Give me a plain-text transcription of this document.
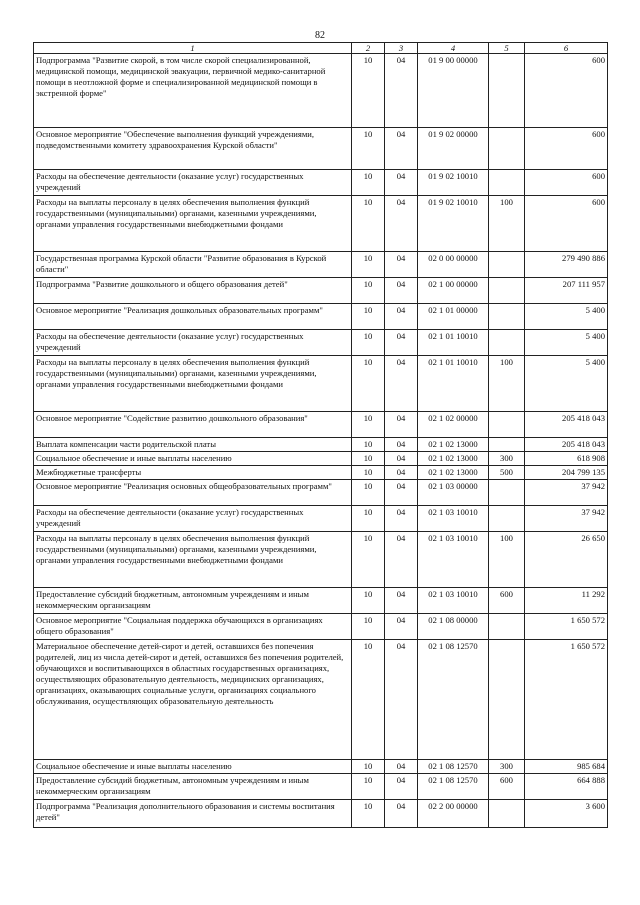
82
1	2	3	4	5	6
Подпрограмма "Развитие скорой, в том числе скорой специализированной, медицинской помощи, медицинской эвакуации, первичной медико-санитарной помощи в неотложной форме и специализированной медицинской помощи в экстренной форме"	10	04	01 9 00 00000		600
Основное мероприятие "Обеспечение выполнения функций учреждениями, подведомственными комитету здравоохранения Курской области"	10	04	01 9 02 00000		600
Расходы на обеспечение деятельности (оказание услуг) государственных учреждений	10	04	01 9 02 10010		600
Расходы на выплаты персоналу в целях обеспечения выполнения функций государственными (муниципальными) органами, казенными учреждениями, органами управления государственными внебюджетными фондами	10	04	01 9 02 10010	100	600
Государственная программа Курской области "Развитие образования в Курской области"	10	04	02 0 00 00000		279 490 886
Подпрограмма "Развитие дошкольного и общего образования детей"	10	04	02 1 00 00000		207 111 957
Основное мероприятие "Реализация дошкольных образовательных программ"	10	04	02 1 01 00000		5 400
Расходы на обеспечение деятельности (оказание услуг) государственных учреждений	10	04	02 1 01 10010		5 400
Расходы на выплаты персоналу в целях обеспечения выполнения функций государственными (муниципальными) органами, казенными учреждениями, органами управления государственными внебюджетными фондами	10	04	02 1 01 10010	100	5 400
Основное мероприятие "Содействие развитию дошкольного образования"	10	04	02 1 02 00000		205 418 043
Выплата компенсации части родительской платы	10	04	02 1 02 13000		205 418 043
Социальное обеспечение и иные выплаты населению	10	04	02 1 02 13000	300	618 908
Межбюджетные трансферты	10	04	02 1 02 13000	500	204 799 135
Основное мероприятие "Реализация основных общеобразовательных программ"	10	04	02 1 03 00000		37 942
Расходы на обеспечение деятельности (оказание услуг) государственных учреждений	10	04	02 1 03 10010		37 942
Расходы на выплаты персоналу в целях обеспечения выполнения функций государственными (муниципальными) органами, казенными учреждениями, органами управления государственными внебюджетными фондами	10	04	02 1 03 10010	100	26 650
Предоставление субсидий бюджетным, автономным учреждениям и иным некоммерческим организациям	10	04	02 1 03 10010	600	11 292
Основное мероприятие "Социальная поддержка обучающихся в организациях общего образования"	10	04	02 1 08 00000		1 650 572
Материальное обеспечение детей-сирот и детей, оставшихся без попечения родителей, лиц из числа детей-сирот и детей, оставшихся без попечения родителей, обучающихся и воспитывающихся в областных государственных организациях, осуществляющих образовательную деятельность, медицинских организациях, организациях, оказывающих социальные услуги, организациях социального обслуживания, осуществляющих образовательную деятельность	10	04	02 1 08 12570		1 650 572
Социальное обеспечение и иные выплаты населению	10	04	02 1 08 12570	300	985 684
Предоставление субсидий бюджетным, автономным учреждениям и иным некоммерческим организациям	10	04	02 1 08 12570	600	664 888
Подпрограмма "Реализация дополнительного образования и системы воспитания детей"	10	04	02 2 00 00000		3 600
